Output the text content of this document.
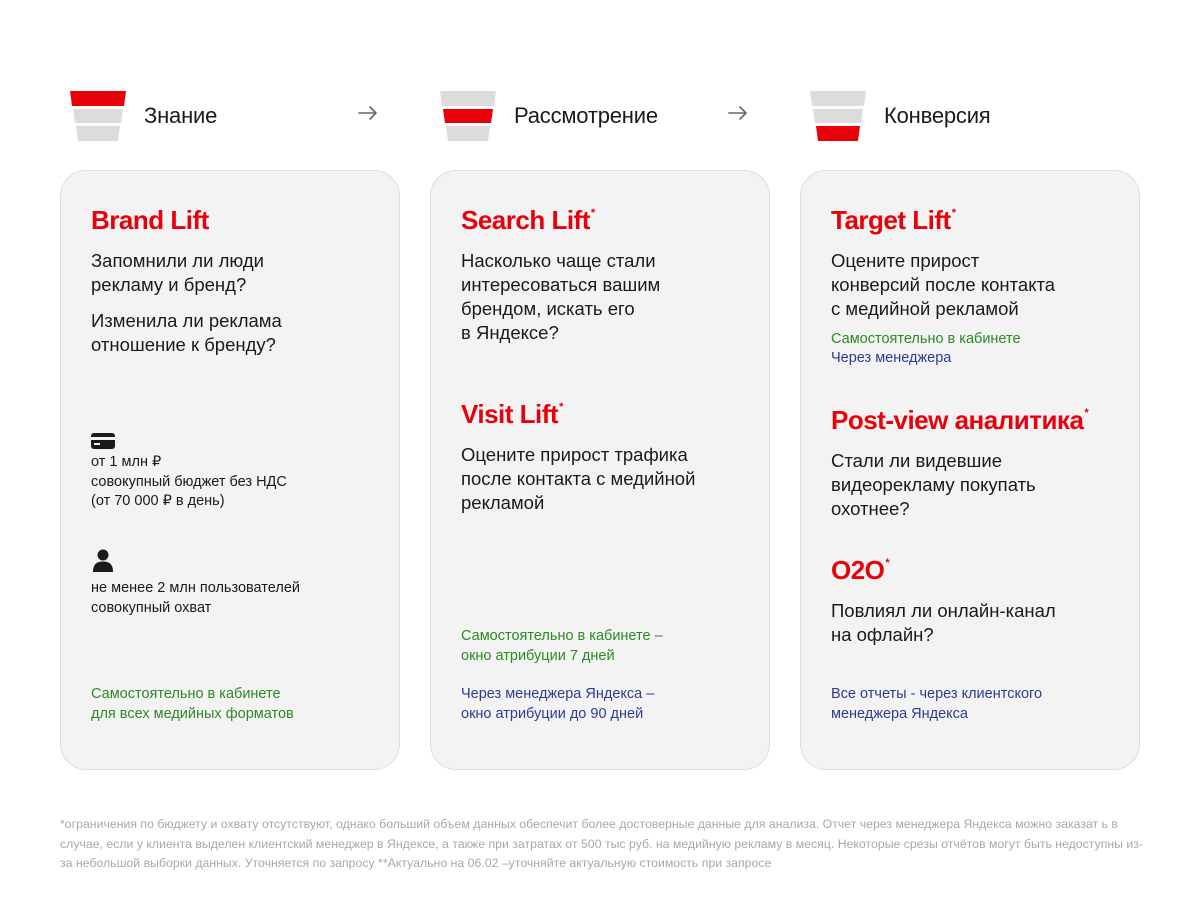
Знание	Рассмотрение	Конверсия
Brand Lift
Запомнили ли люди
рекламу и бренд?
Изменила ли реклама
отношение к бренду?
от 1 млн ₽
совокупный бюджет без НДС
(от 70 000 ₽ в день)
не менее 2 млн пользователей
совокупный охват
Самостоятельно в кабинете
для всех медийных форматов
Search Lift*
Насколько чаще стали
интересоваться вашим
брендом, искать его
в Яндексе?
Visit Lift*
Оцените прирост трафика
после контакта с медийной
рекламой
Самостоятельно в кабинете –
окно атрибуции 7 дней
Через менеджера Яндекса –
окно атрибуции до 90 дней
Target Lift*
Оцените прирост
конверсий после контакта
с медийной рекламой
Самостоятельно в кабинете
Через менеджера
Post-view аналитика*
Стали ли видевшие
видеорекламу покупать
охотнее?
O2O*
Повлиял ли онлайн-канал
на офлайн?
Все отчеты - через клиентского
менеджера Яндекса
*ограничения по бюджету и охвату отсутствуют, однако больший объем данных обеспечит более достоверные данные для анализа. Отчет через менеджера Яндекса можно заказат ь в случае, если у клиента выделен клиентский менеджер в Яндексе, а также при затратах от 500 тыс руб. на медийную рекламу в месяц. Некоторые срезы отчётов могут быть недоступны из- за небольшой выборки данных. Уточняется по запросу **Актуально на 06.02 –уточняйте актуальную стоимость при запросе
